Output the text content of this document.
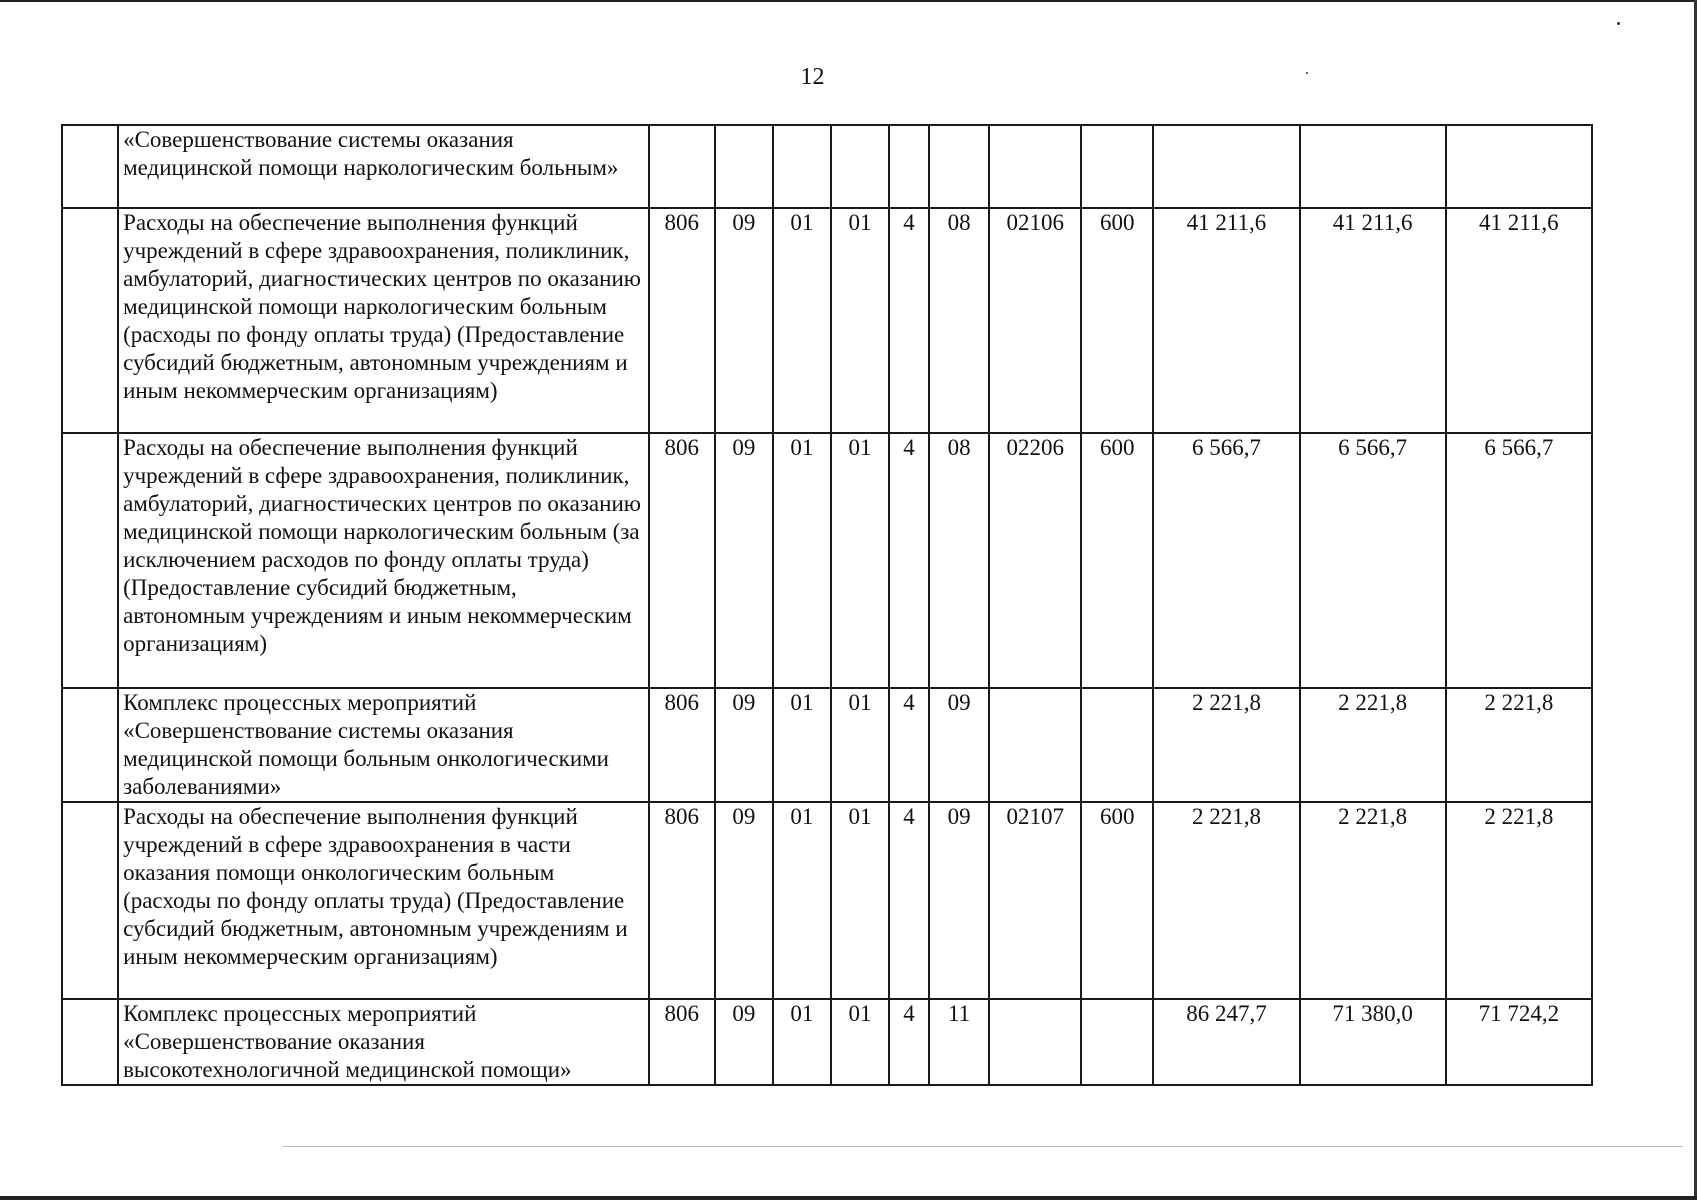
12
	«Совершенствование системы оказания медицинской помощи наркологическим больным»											
	Расходы на обеспечение выполнения функций учреждений в сфере здравоохранения, поликлиник, амбулаторий, диагностических центров по оказанию медицинской помощи наркологическим больным (расходы по фонду оплаты труда) (Предоставление субсидий бюджетным, автономным учреждениям и иным некоммерческим организациям)	806	09	01	01	4	08	02106	600	41 211,6	41 211,6	41 211,6
	Расходы на обеспечение выполнения функций учреждений в сфере здравоохранения, поликлиник, амбулаторий, диагностических центров по оказанию медицинской помощи наркологическим больным (за исключением расходов по фонду оплаты труда) (Предоставление субсидий бюджетным, автономным учреждениям и иным некоммерческим организациям)	806	09	01	01	4	08	02206	600	6 566,7	6 566,7	6 566,7
	Комплекс процессных мероприятий «Совершенствование системы оказания медицинской помощи больным онкологическими заболеваниями»	806	09	01	01	4	09			2 221,8	2 221,8	2 221,8
	Расходы на обеспечение выполнения функций учреждений в сфере здравоохранения в части оказания помощи онкологическим больным (расходы по фонду оплаты труда) (Предоставление субсидий бюджетным, автономным учреждениям и иным некоммерческим организациям)	806	09	01	01	4	09	02107	600	2 221,8	2 221,8	2 221,8
	Комплекс процессных мероприятий «Совершенствование оказания высокотехнологичной медицинской помощи»	806	09	01	01	4	11			86 247,7	71 380,0	71 724,2
